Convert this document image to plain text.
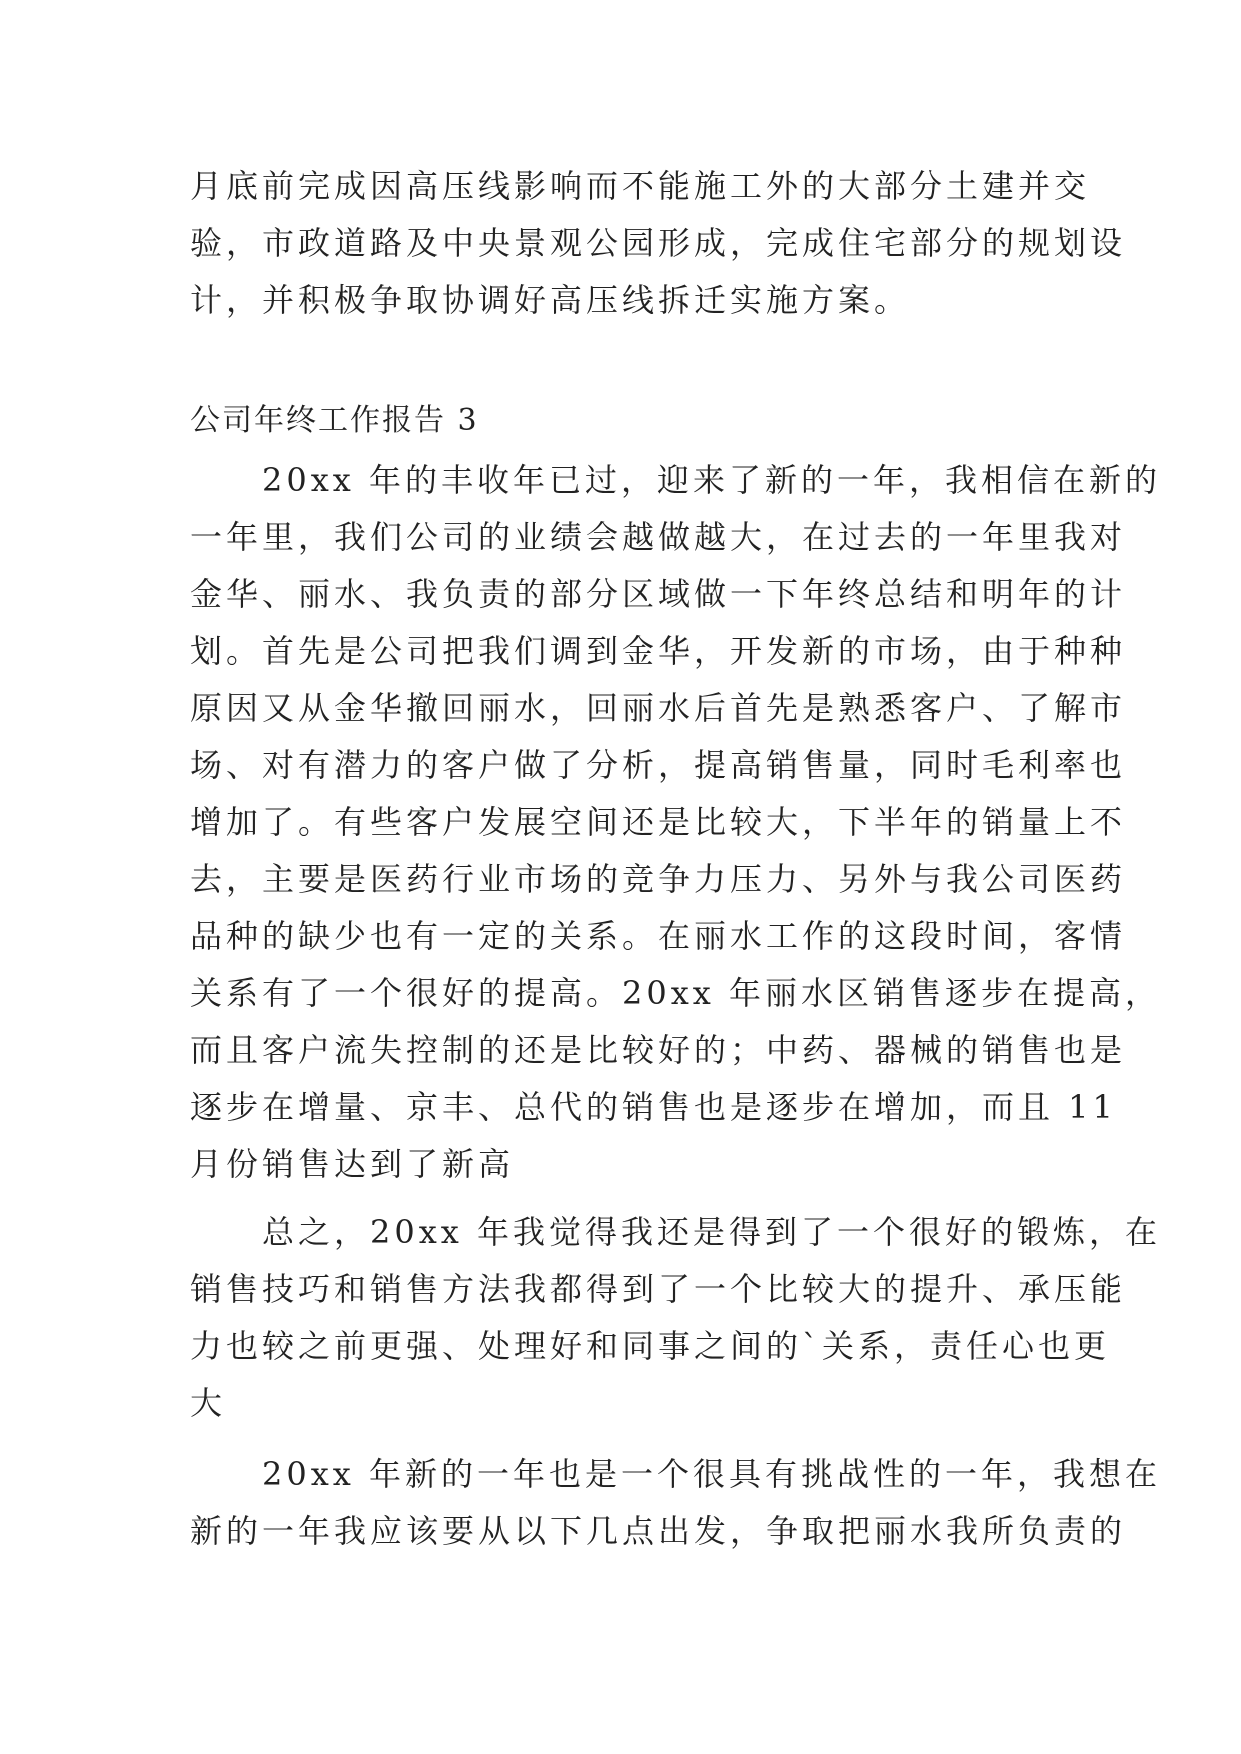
月底前完成因高压线影响而不能施工外的大部分土建并交
验，市政道路及中央景观公园形成，完成住宅部分的规划设
计，并积极争取协调好高压线拆迁实施方案。
公司年终工作报告 3
　　20xx 年的丰收年已过，迎来了新的一年，我相信在新的
一年里，我们公司的业绩会越做越大，在过去的一年里我对
金华、丽水、我负责的部分区域做一下年终总结和明年的计
划。首先是公司把我们调到金华，开发新的市场，由于种种
原因又从金华撤回丽水，回丽水后首先是熟悉客户、了解市
场、对有潜力的客户做了分析，提高销售量，同时毛利率也
增加了。有些客户发展空间还是比较大，下半年的销量上不
去，主要是医药行业市场的竞争力压力、另外与我公司医药
品种的缺少也有一定的关系。在丽水工作的这段时间，客情
关系有了一个很好的提高。20xx 年丽水区销售逐步在提高，
而且客户流失控制的还是比较好的；中药、器械的销售也是
逐步在增量、京丰、总代的销售也是逐步在增加，而且 11
月份销售达到了新高
　　总之，20xx 年我觉得我还是得到了一个很好的锻炼，在
销售技巧和销售方法我都得到了一个比较大的提升、承压能
力也较之前更强、处理好和同事之间的`关系，责任心也更
大
　　20xx 年新的一年也是一个很具有挑战性的一年，我想在
新的一年我应该要从以下几点出发，争取把丽水我所负责的
